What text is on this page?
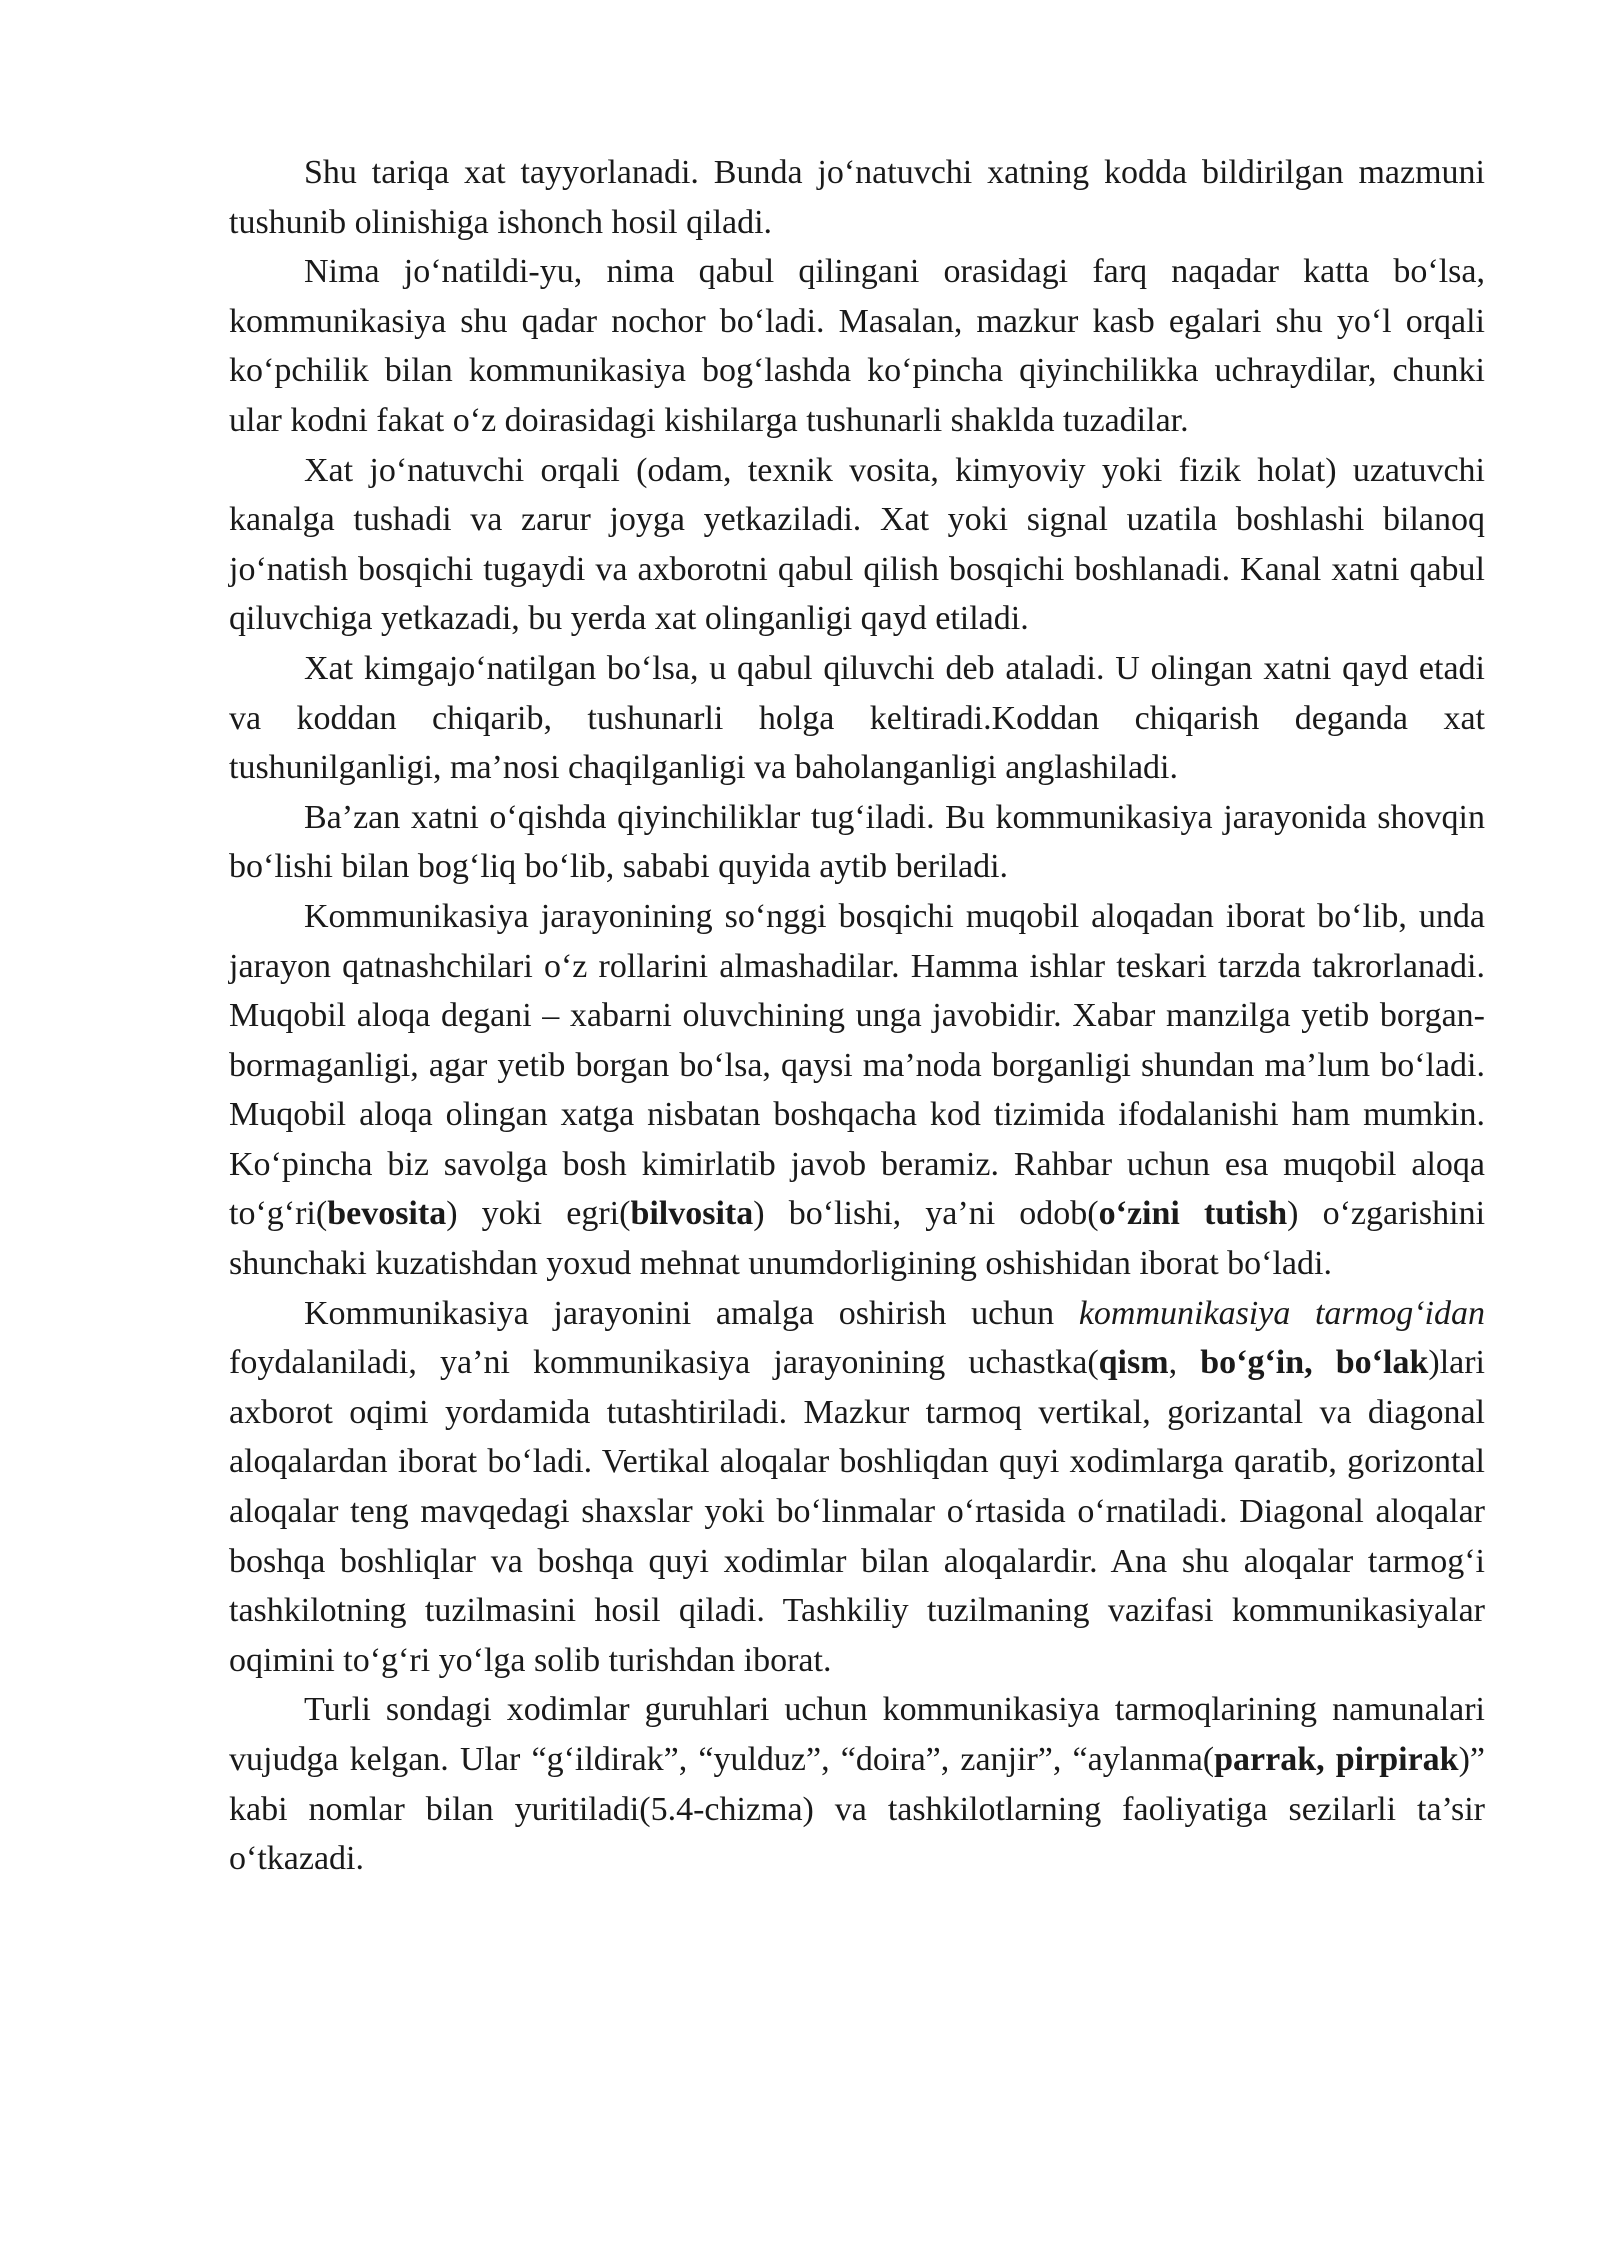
Shu tariqa xat tayyorlanadi. Bunda jo‘natuvchi xatning kodda bildirilgan mazmuni tushunib olinishiga ishonch hosil qiladi.

Nima jo‘natildi-yu, nima qabul qilingani orasidagi farq naqadar katta bo‘lsa, kommunikasiya shu qadar nochor bo‘ladi. Masalan, mazkur kasb egalari shu yo‘l orqali ko‘pchilik bilan kommunikasiya bog‘lashda ko‘pincha qiyinchilikka uchraydilar, chunki ular kodni fakat o‘z doirasidagi kishilarga tushunarli shaklda tuzadilar.

Xat jo‘natuvchi orqali (odam, texnik vosita, kimyoviy yoki fizik holat) uzatuvchi kanalga tushadi va zarur joyga yetkaziladi. Xat yoki signal uzatila boshlashi bilanoq jo‘natish bosqichi tugaydi va axborotni qabul qilish bosqichi boshlanadi. Kanal xatni qabul qiluvchiga yetkazadi, bu yerda xat olinganligi qayd etiladi.

Xat kimgajo‘natilgan bo‘lsa, u qabul qiluvchi deb ataladi. U olingan xatni qayd etadi va koddan chiqarib, tushunarli holga keltiradi.Koddan chiqarish deganda xat tushunilganligi, ma’nosi chaqilganligi va baholanganligi anglashiladi.

Ba’zan xatni o‘qishda qiyinchiliklar tug‘iladi. Bu kommunikasiya jarayonida shovqin bo‘lishi bilan bog‘liq bo‘lib, sababi quyida aytib beriladi.

Kommunikasiya jarayonining so‘nggi bosqichi muqobil aloqadan iborat bo‘lib, unda jarayon qatnashchilari o‘z rollarini almashadilar. Hamma ishlar teskari tarzda takrorlanadi. Muqobil aloqa degani – xabarni oluvchining unga javobidir. Xabar manzilga yetib borgan-bormaganligi, agar yetib borgan bo‘lsa, qaysi ma’noda borganligi shundan ma’lum bo‘ladi. Muqobil aloqa olingan xatga nisbatan boshqacha kod tizimida ifodalanishi ham mumkin. Ko‘pincha biz savolga bosh kimirlatib javob beramiz. Rahbar uchun esa muqobil aloqa to‘g‘ri(bevosita) yoki egri(bilvosita) bo‘lishi, ya’ni odob(o‘zini tutish) o‘zgarishini shunchaki kuzatishdan yoxud mehnat unumdorligining oshishidan iborat bo‘ladi.

Kommunikasiya jarayonini amalga oshirish uchun kommunikasiya tarmog‘idan foydalaniladi, ya’ni kommunikasiya jarayonining uchastka(qism, bo‘g‘in, bo‘lak)lari axborot oqimi yordamida tutashtiriladi. Mazkur tarmoq vertikal, gorizantal va diagonal aloqalardan iborat bo‘ladi. Vertikal aloqalar boshliqdan quyi xodimlarga qaratib, gorizontal aloqalar teng mavqedagi shaxslar yoki bo‘linmalar o‘rtasida o‘rnatiladi. Diagonal aloqalar boshqa boshliqlar va boshqa quyi xodimlar bilan aloqalardir. Ana shu aloqalar tarmog‘i tashkilotning tuzilmasini hosil qiladi. Tashkiliy tuzilmaning vazifasi kommunikasiyalar oqimini to‘g‘ri yo‘lga solib turishdan iborat.

Turli sondagi xodimlar guruhlari uchun kommunikasiya tarmoqlarining namunalari vujudga kelgan. Ular “g‘ildirak”, “yulduz”, “doira”, zanjir”, “aylanma(parrak, pirpirak)” kabi nomlar bilan yuritiladi(5.4-chizma) va tashkilotlarning faoliyatiga sezilarli ta’sir o‘tkazadi.
